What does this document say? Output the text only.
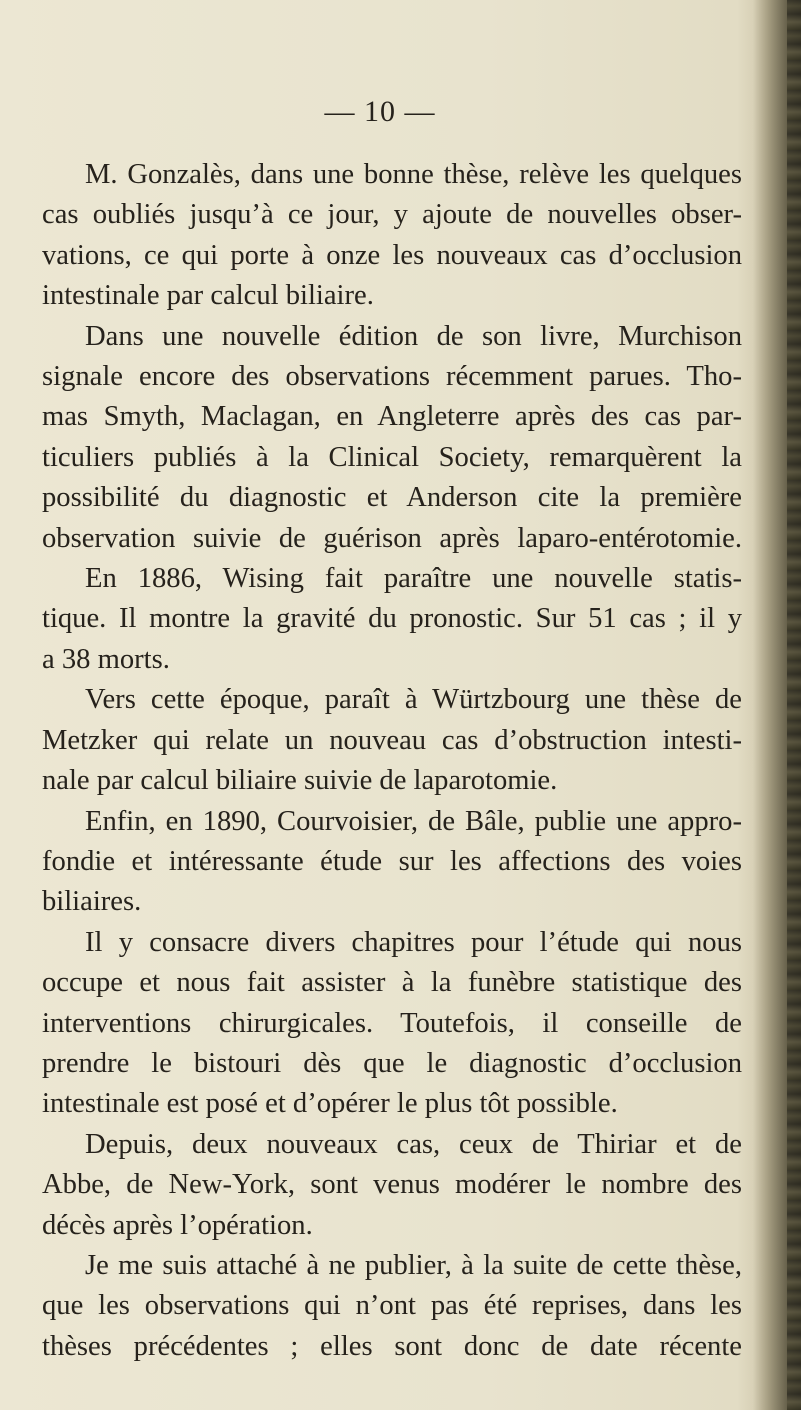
— 10 —
M. Gonzalès, dans une bonne thèse, relève les quelques
cas oubliés jusqu’à ce jour, y ajoute de nouvelles obser-
vations, ce qui porte à onze les nouveaux cas d’occlusion
intestinale par calcul biliaire.
Dans une nouvelle édition de son livre, Murchison
signale encore des observations récemment parues. Tho-
mas Smyth, Maclagan, en Angleterre après des cas par-
ticuliers publiés à la Clinical Society, remarquèrent la
possibilité du diagnostic et Anderson cite la première
observation suivie de guérison après laparo-entérotomie.
En 1886, Wising fait paraître une nouvelle statis-
tique. Il montre la gravité du pronostic. Sur 51 cas ; il y
a 38 morts.
Vers cette époque, paraît à Würtzbourg une thèse de
Metzker qui relate un nouveau cas d’obstruction intesti-
nale par calcul biliaire suivie de laparotomie.
Enfin, en 1890, Courvoisier, de Bâle, publie une appro-
fondie et intéressante étude sur les affections des voies
biliaires.
Il y consacre divers chapitres pour l’étude qui nous
occupe et nous fait assister à la funèbre statistique des
interventions chirurgicales. Toutefois, il conseille de
prendre le bistouri dès que le diagnostic d’occlusion
intestinale est posé et d’opérer le plus tôt possible.
Depuis, deux nouveaux cas, ceux de Thiriar et de
Abbe, de New-York, sont venus modérer le nombre des
décès après l’opération.
Je me suis attaché à ne publier, à la suite de cette thèse,
que les observations qui n’ont pas été reprises, dans les
thèses précédentes ; elles sont donc de date récente
